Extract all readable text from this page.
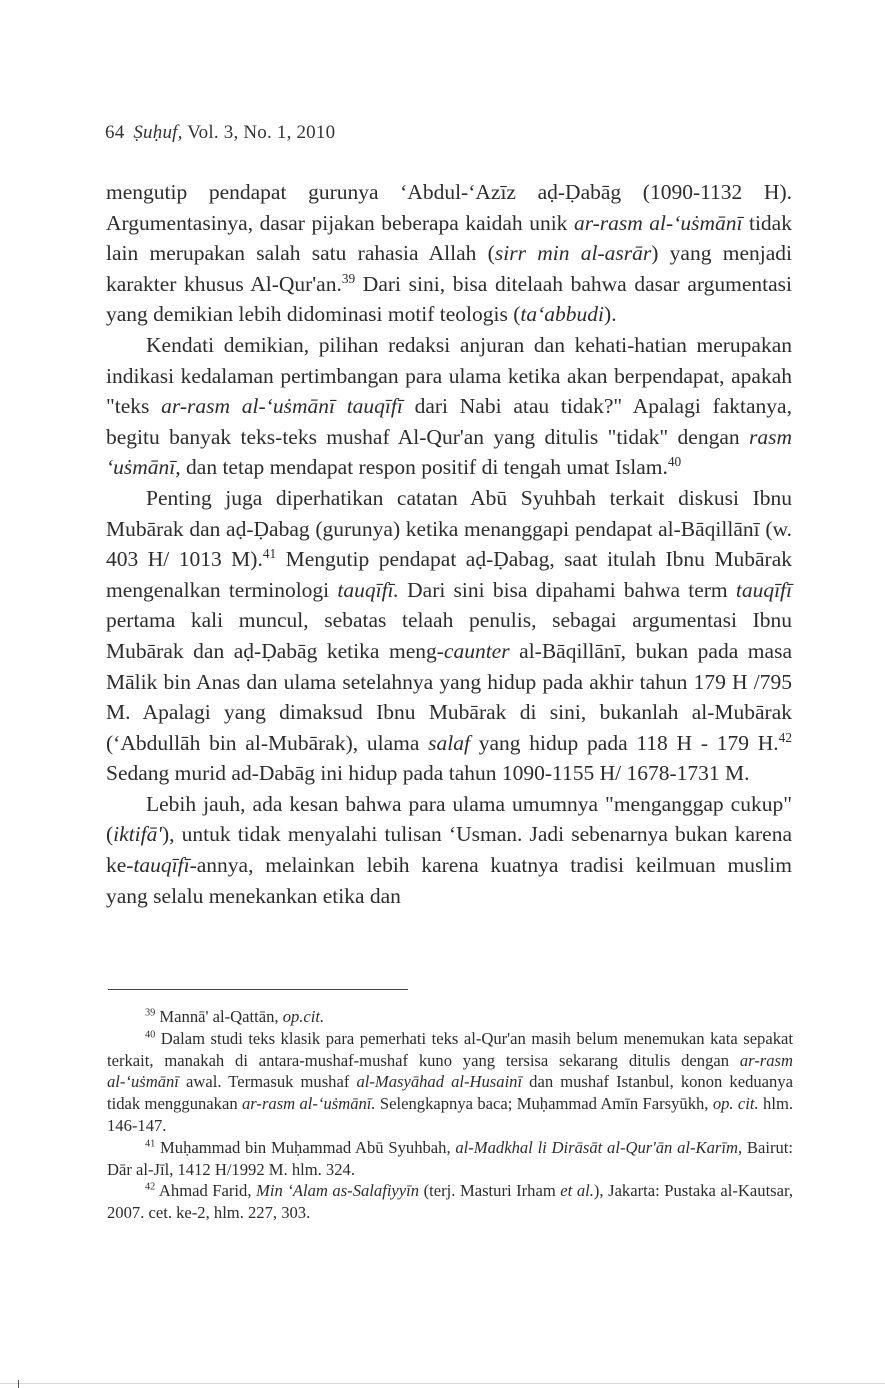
64 Ṣuḥuf, Vol. 3, No. 1, 2010

mengutip pendapat gurunya ‘Abdul-‘Azīz aḍ-Ḍabāg (1090-1132 H). Argumentasinya, dasar pijakan beberapa kaidah unik ar-rasm al-‘uṡmānī tidak lain merupakan salah satu rahasia Allah (sirr min al-asrār) yang menjadi karakter khusus Al-Qur'an.$^{39}$ Dari sini, bisa ditelaah bahwa dasar argumentasi yang demikian lebih didominasi motif teologis (ta‘abbudi).

Kendati demikian, pilihan redaksi anjuran dan kehati-hatian merupakan indikasi kedalaman pertimbangan para ulama ketika akan berpendapat, apakah "teks ar-rasm al-‘uṡmānī tauqīfī dari Nabi atau tidak?" Apalagi faktanya, begitu banyak teks-teks mushaf Al-Qur'an yang ditulis "tidak" dengan rasm ‘uṡmānī, dan tetap mendapat respon positif di tengah umat Islam.$^{40}$

Penting juga diperhatikan catatan Abū Syuhbah terkait diskusi Ibnu Mubārak dan aḍ-Ḍabag (gurunya) ketika menanggapi pendapat al-Bāqillānī (w. 403 H/ 1013 M).$^{41}$ Mengutip pendapat aḍ-Ḍabag, saat itulah Ibnu Mubārak mengenalkan terminologi tauqīfī. Dari sini bisa dipahami bahwa term tauqīfī pertama kali muncul, sebatas telaah penulis, sebagai argumentasi Ibnu Mubārak dan aḍ-Ḍabāg ketika meng-caunter al-Bāqillānī, bukan pada masa Mālik bin Anas dan ulama setelahnya yang hidup pada akhir tahun 179 H /795 M. Apalagi yang dimaksud Ibnu Mubārak di sini, bukanlah al-Mubārak (‘Abdullāh bin al-Mubārak), ulama salaf yang hidup pada 118 H - 179 H.$^{42}$ Sedang murid ad-Dabāg ini hidup pada tahun 1090-1155 H/ 1678-1731 M.

Lebih jauh, ada kesan bahwa para ulama umumnya "menganggap cukup" (iktifā'), untuk tidak menyalahi tulisan ‘Usman. Jadi sebenarnya bukan karena ke-tauqīfī-annya, melainkan lebih karena kuatnya tradisi keilmuan muslim yang selalu menekankan etika dan

$^{39}$ Mannā' al-Qattān, op.cit.

$^{40}$ Dalam studi teks klasik para pemerhati teks al-Qur'an masih belum menemukan kata sepakat terkait, manakah di antara-mushaf-mushaf kuno yang tersisa sekarang ditulis dengan ar-rasm al-‘uṡmānī awal. Termasuk mushaf al-Masyāhad al-Husainī dan mushaf Istanbul, konon keduanya tidak menggunakan ar-rasm al-‘uṡmānī. Selengkapnya baca; Muḥammad Amīn Farsyūkh, op. cit. hlm. 146-147.

$^{41}$ Muḥammad bin Muḥammad Abū Syuhbah, al-Madkhal li Dirāsāt al-Qur'ān al-Karīm, Bairut: Dār al-Jīl, 1412 H/1992 M. hlm. 324.

$^{42}$ Ahmad Farid, Min ‘Alam as-Salafiyyīn (terj. Masturi Irham et al.), Jakarta: Pustaka al-Kautsar, 2007. cet. ke-2, hlm. 227, 303.
